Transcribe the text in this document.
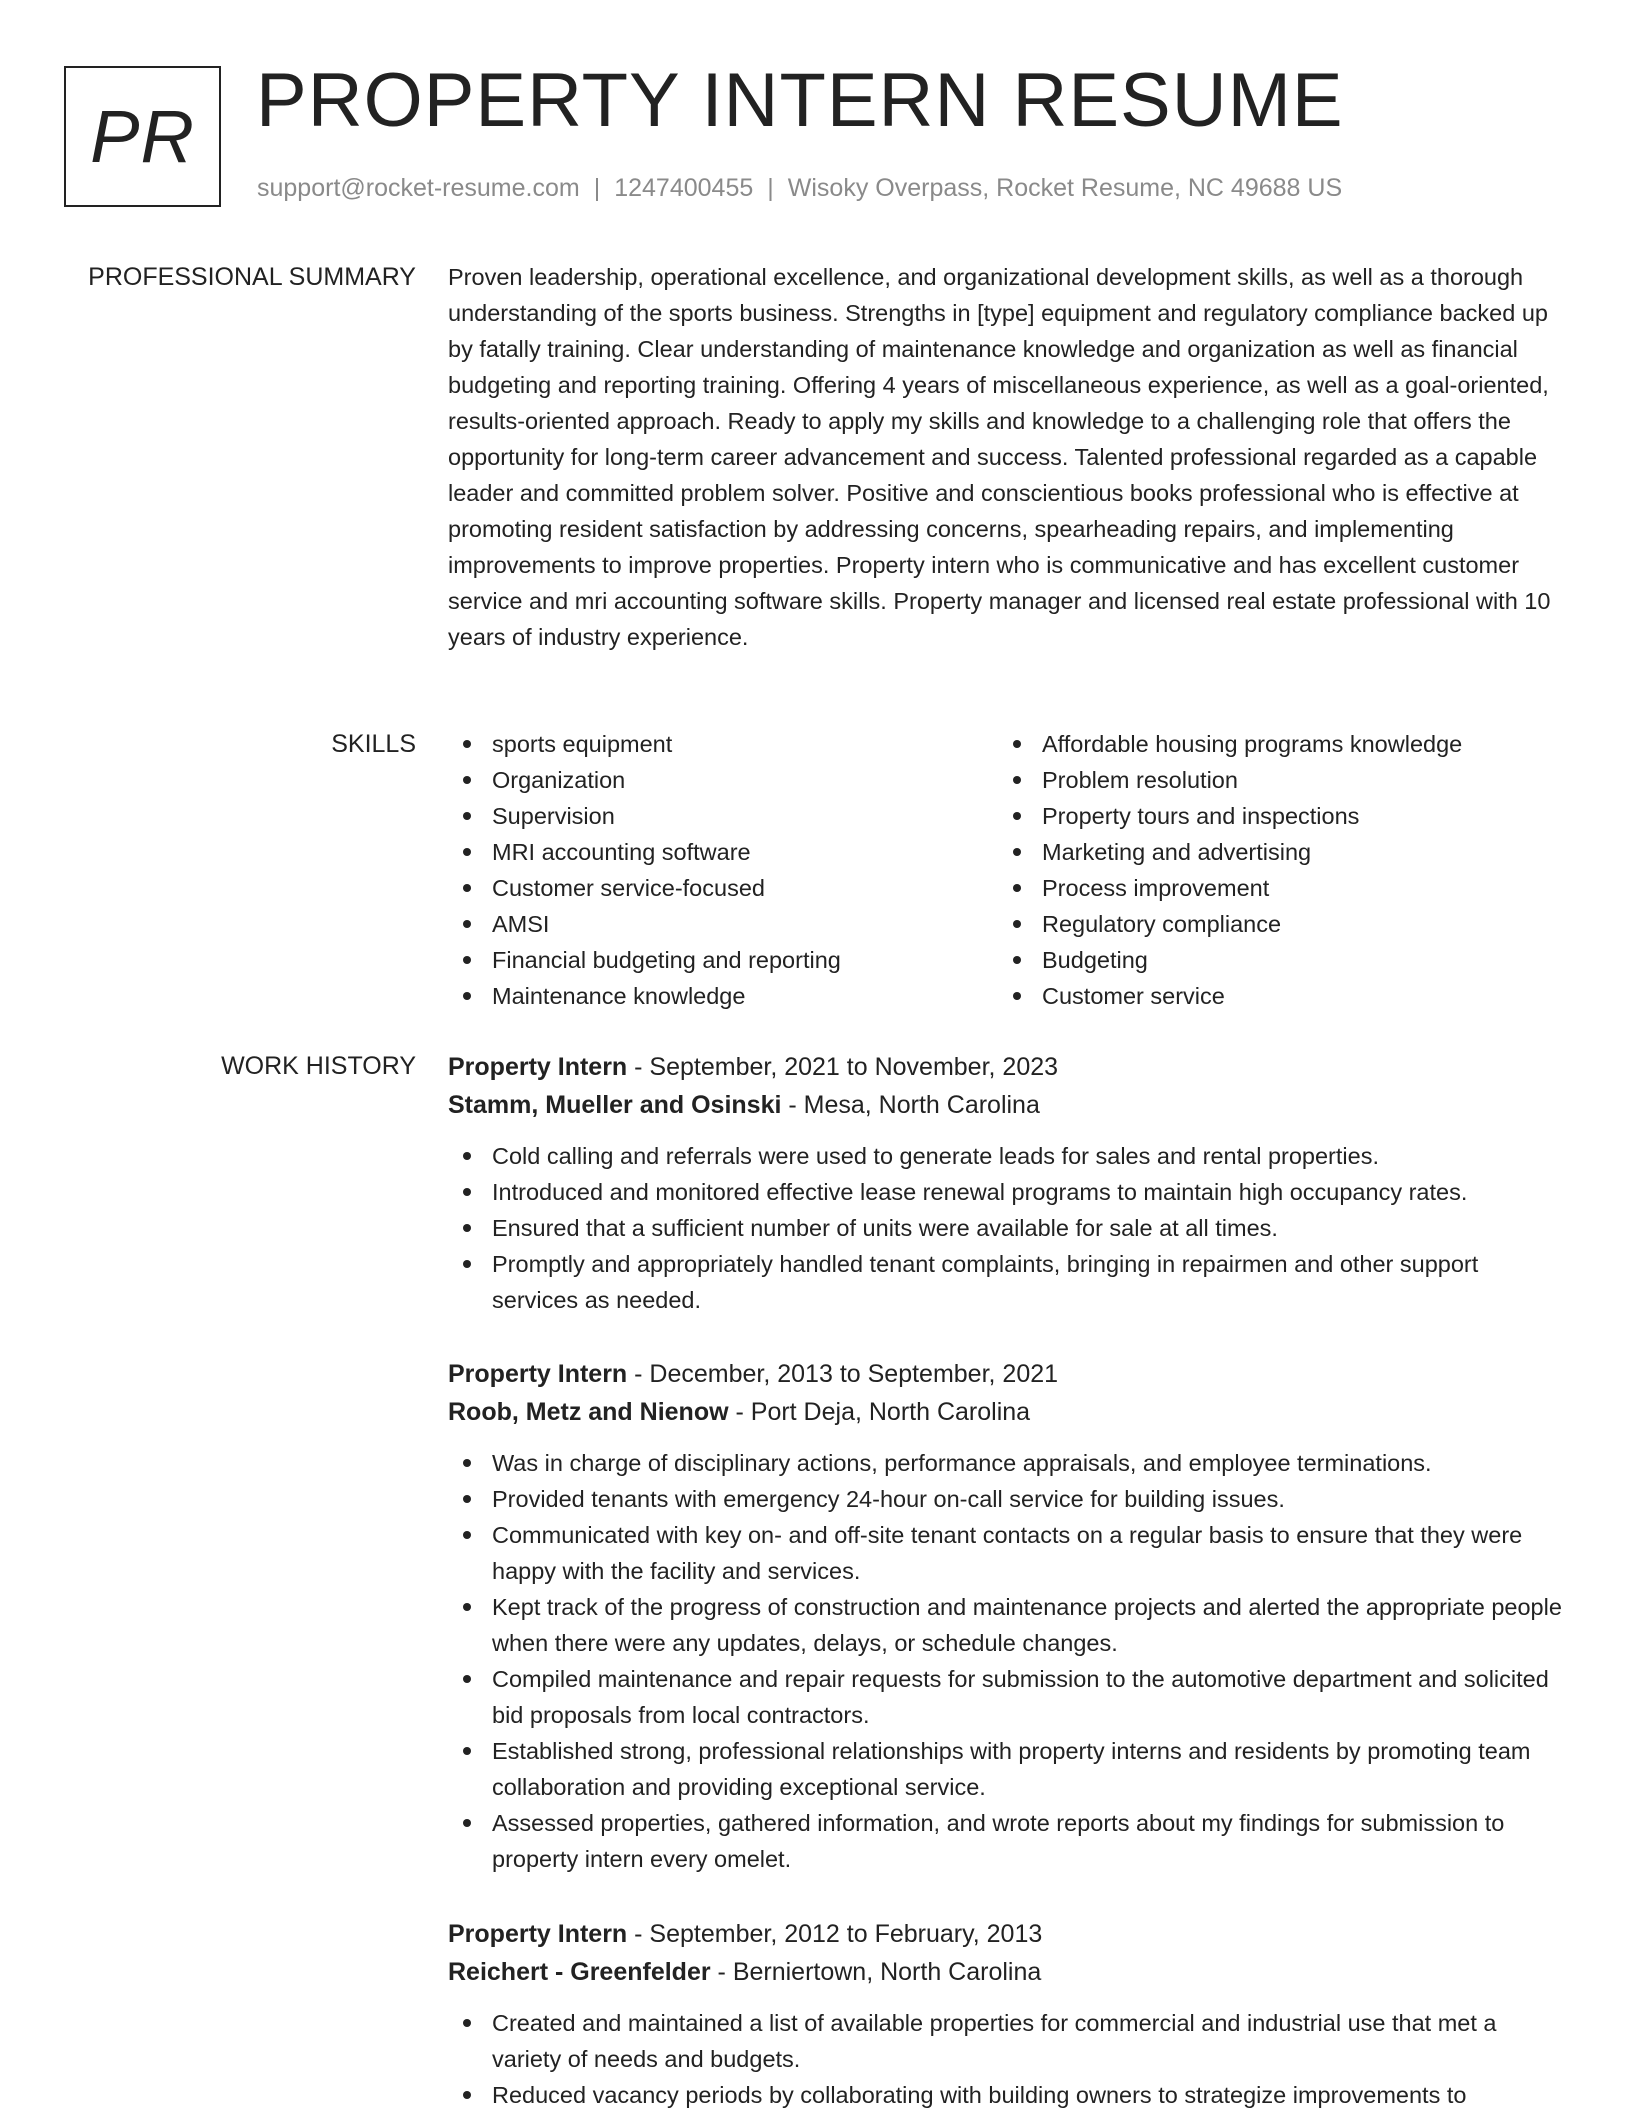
PR PROPERTY INTERN RESUME
support@rocket-resume.com | 1247400455 | Wisoky Overpass, Rocket Resume, NC 49688 US
PROFESSIONAL SUMMARY Proven leadership, operational excellence, and organizational development skills, as well as a thorough understanding of the sports business. Strengths in [type] equipment and regulatory compliance backed up by fatally training. Clear understanding of maintenance knowledge and organization as well as financial budgeting and reporting training. Offering 4 years of miscellaneous experience, as well as a goal-oriented, results-oriented approach. Ready to apply my skills and knowledge to a challenging role that offers the opportunity for long-term career advancement and success. Talented professional regarded as a capable leader and committed problem solver. Positive and conscientious books professional who is effective at promoting resident satisfaction by addressing concerns, spearheading repairs, and implementing improvements to improve properties. Property intern who is communicative and has excellent customer service and mri accounting software skills. Property manager and licensed real estate professional with 10 years of industry experience.

SKILLS	sports equipment
Organization
Supervision
MRI accounting software
Customer service-focused
AMSI
Financial budgeting and reporting
Maintenance knowledge
Affordable housing programs knowledge
Problem resolution
Property tours and inspections
Marketing and advertising
Process improvement
Regulatory compliance
Budgeting
Customer service
WORK HISTORY Property Intern - September, 2021 to November, 2023
Stamm, Mueller and Osinski - Mesa, North Carolina
Cold calling and referrals were used to generate leads for sales and rental properties.
Introduced and monitored effective lease renewal programs to maintain high occupancy rates.
Ensured that a sufficient number of units were available for sale at all times.
Promptly and appropriately handled tenant complaints, bringing in repairmen and other support services as needed.
Property Intern - December, 2013 to September, 2021
Roob, Metz and Nienow - Port Deja, North Carolina
Was in charge of disciplinary actions, performance appraisals, and employee terminations.
Provided tenants with emergency 24-hour on-call service for building issues.
Communicated with key on- and off-site tenant contacts on a regular basis to ensure that they were happy with the facility and services.
Kept track of the progress of construction and maintenance projects and alerted the appropriate people when there were any updates, delays, or schedule changes.
Compiled maintenance and repair requests for submission to the automotive department and solicited bid proposals from local contractors.
Established strong, professional relationships with property interns and residents by promoting team collaboration and providing exceptional service.
Assessed properties, gathered information, and wrote reports about my findings for submission to property intern every omelet.
Property Intern - September, 2012 to February, 2013
Reichert - Greenfelder - Berniertown, North Carolina
Created and maintained a list of available properties for commercial and industrial use that met a variety of needs and budgets.
Reduced vacancy periods by collaborating with building owners to strategize improvements to
